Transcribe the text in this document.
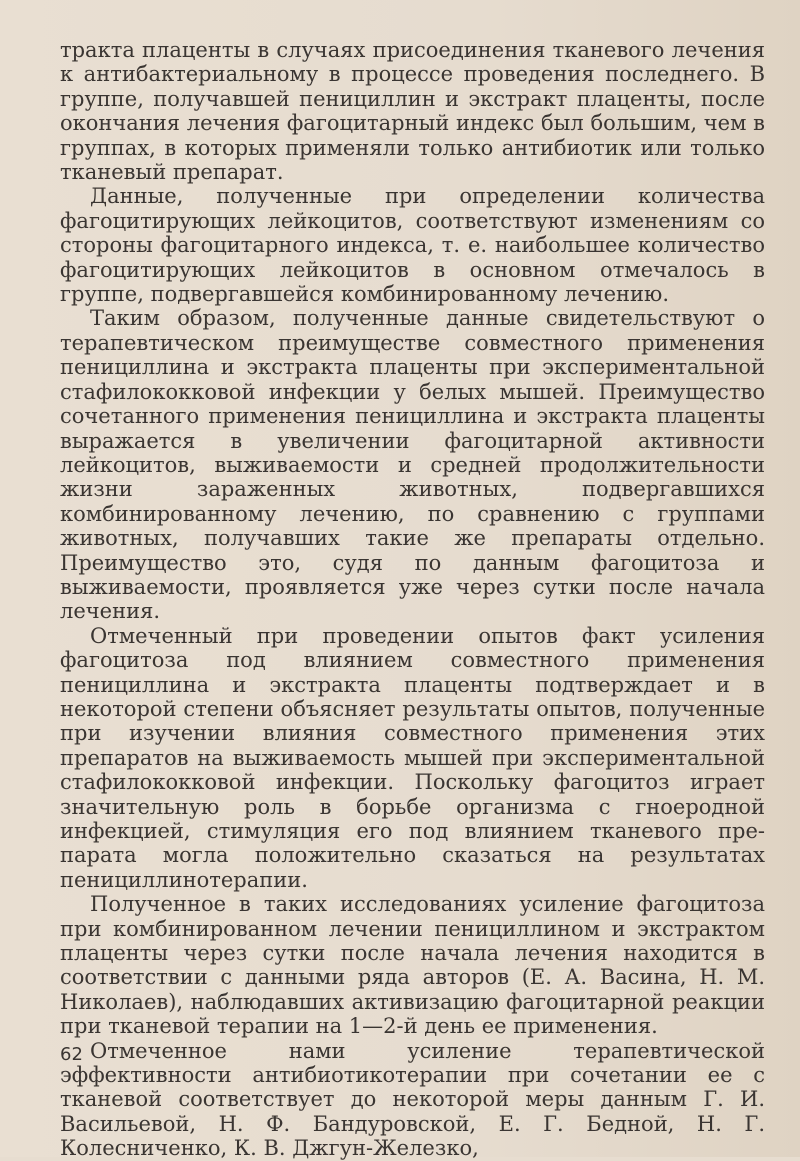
тракта плаценты в случаях присоединения тканевого лечения к антибактериальному в процессе проведения последнего. В группе, получавшей пенициллин и экстракт плаценты, после окончания лечения фагоцитарный индекс был большим, чем в группах, в которых применяли только антибиотик или только тканевый препарат.

Данные, полученные при определении количества фагоцитирующих лейкоцитов, соответствуют изменениям со стороны фагоцитарного индекса, т. е. наибольшее количество фагоцитирующих лейкоцитов в основном отмечалось в группе, подвергавшейся комбинированному лечению.

Таким образом, полученные данные свидетельствуют о терапевтическом преимуществе совместного применения пенициллина и экстракта плаценты при экспериментальной стафилококковой инфекции у белых мышей. Преимущество сочетанного применения пенициллина и экстракта плаценты выражается в увеличении фагоцитарной активности лейкоцитов, выживаемости и средней продолжительности жизни зараженных животных, подвергавшихся комбинированному лечению, по сравнению с группами животных, получавших такие же препараты отдельно. Преимущество это, судя по данным фагоцитоза и выживаемости, проявляется уже через сутки после начала лечения.

Отмеченный при проведении опытов факт усиления фагоцитоза под влиянием совместного применения пенициллина и экстракта плаценты подтверждает и в некоторой степени объясняет результаты опытов, полученные при изучении влияния совместного применения этих препаратов на выживаемость мышей при экспериментальной стафилококковой инфекции. Поскольку фагоцитоз играет значительную роль в борьбе организма с гноеродной инфекцией, стимуляция его под влиянием тканевого препарата могла положительно сказаться на результатах пенициллинотерапии.

Полученное в таких исследованиях усиление фагоцитоза при комбинированном лечении пенициллином и экстрактом плаценты через сутки после начала лечения находится в соответствии с данными ряда авторов (Е. А. Васина, Н. М. Николаев), наблюдавших активизацию фагоцитарной реакции при тканевой терапии на 1—2-й день ее применения.

Отмеченное нами усиление терапевтической эффективности антибиотикотерапии при сочетании ее с тканевой соответствует до некоторой меры данным Г. И. Васильевой, Н. Ф. Бандуровской, Е. Г. Бедной, Н. Г. Колесниченко, К. В. Джгун-Железко,

62
